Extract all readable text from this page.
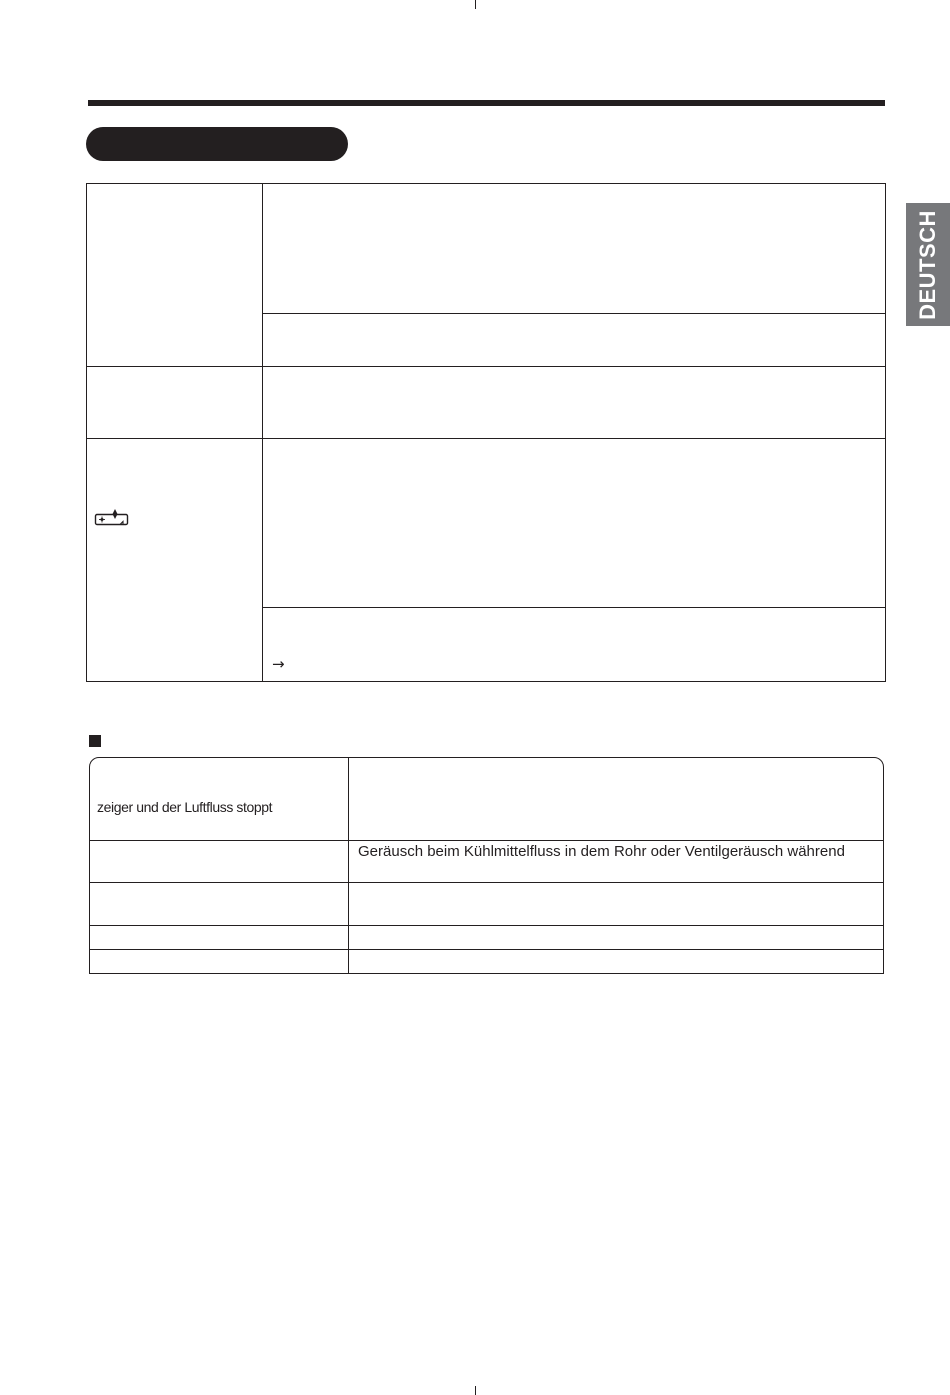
DEUTSCH
→
zeiger und der Luftfluss stoppt
Geräusch beim Kühlmittelfluss in dem Rohr oder Ventilgeräusch während
